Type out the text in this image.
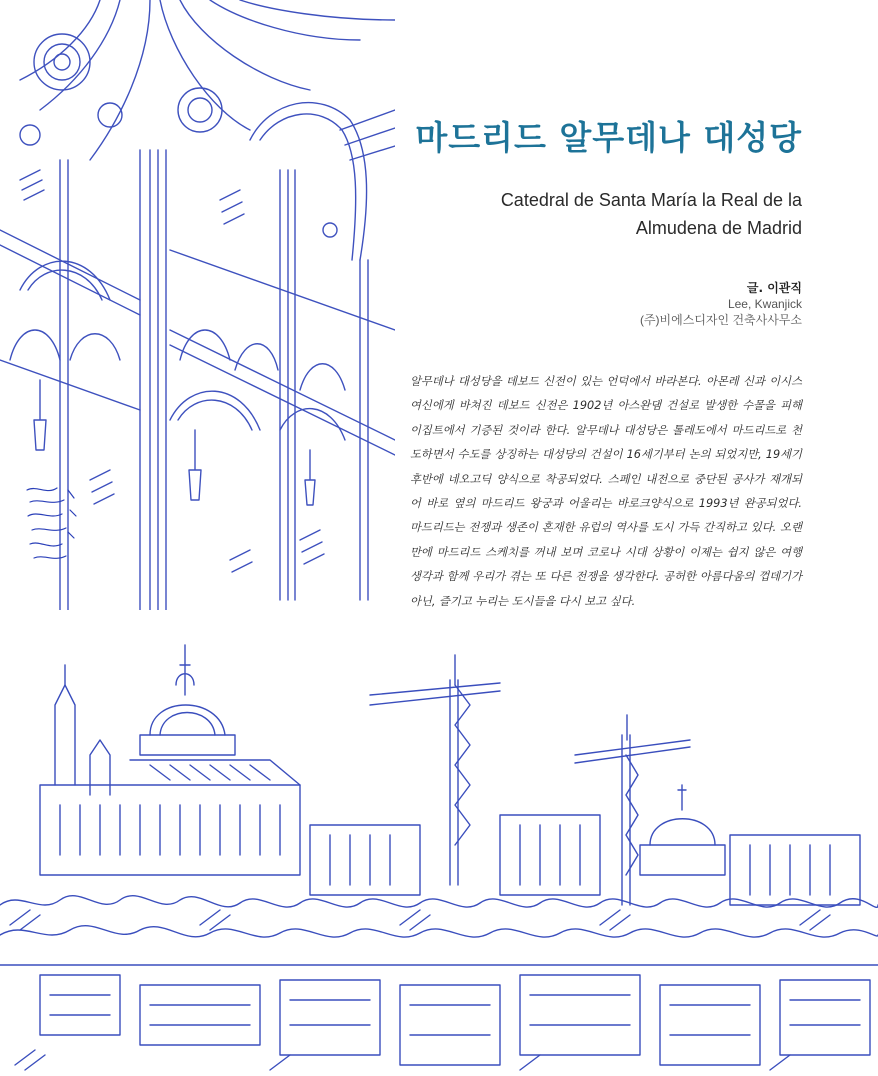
마드리드 알무데나 대성당

Catedral de Santa María la Real de la Almudena de Madrid

글. 이관직
Lee, Kwanjick
(주)비에스디자인 건축사사무소

알무데나 대성당을 데보드 신전이 있는 언덕에서 바라본다. 아몬레 신과 이시스 여신에게 바쳐진 데보드 신전은 1902년 아스완댐 건설로 발생한 수몰을 피해 이집트에서 기증된 것이라 한다. 알무데나 대성당은 톨레도에서 마드리드로 천도하면서 수도를 상징하는 대성당의 건설이 16세기부터 논의 되었지만, 19세기 후반에 네오고딕 양식으로 착공되었다. 스페인 내전으로 중단된 공사가 재개되어 바로 옆의 마드리드 왕궁과 어울리는 바로크양식으로 1993년 완공되었다. 마드리드는 전쟁과 생존이 혼재한 유럽의 역사를 도시 가득 간직하고 있다. 오랜만에 마드리드 스케치를 꺼내 보며 코로나 시대 상황이 이제는 쉽지 않은 여행 생각과 함께 우리가 겪는 또 다른 전쟁을 생각한다. 공허한 아름다움의 껍데기가 아닌, 즐기고 누리는 도시들을 다시 보고 싶다.
